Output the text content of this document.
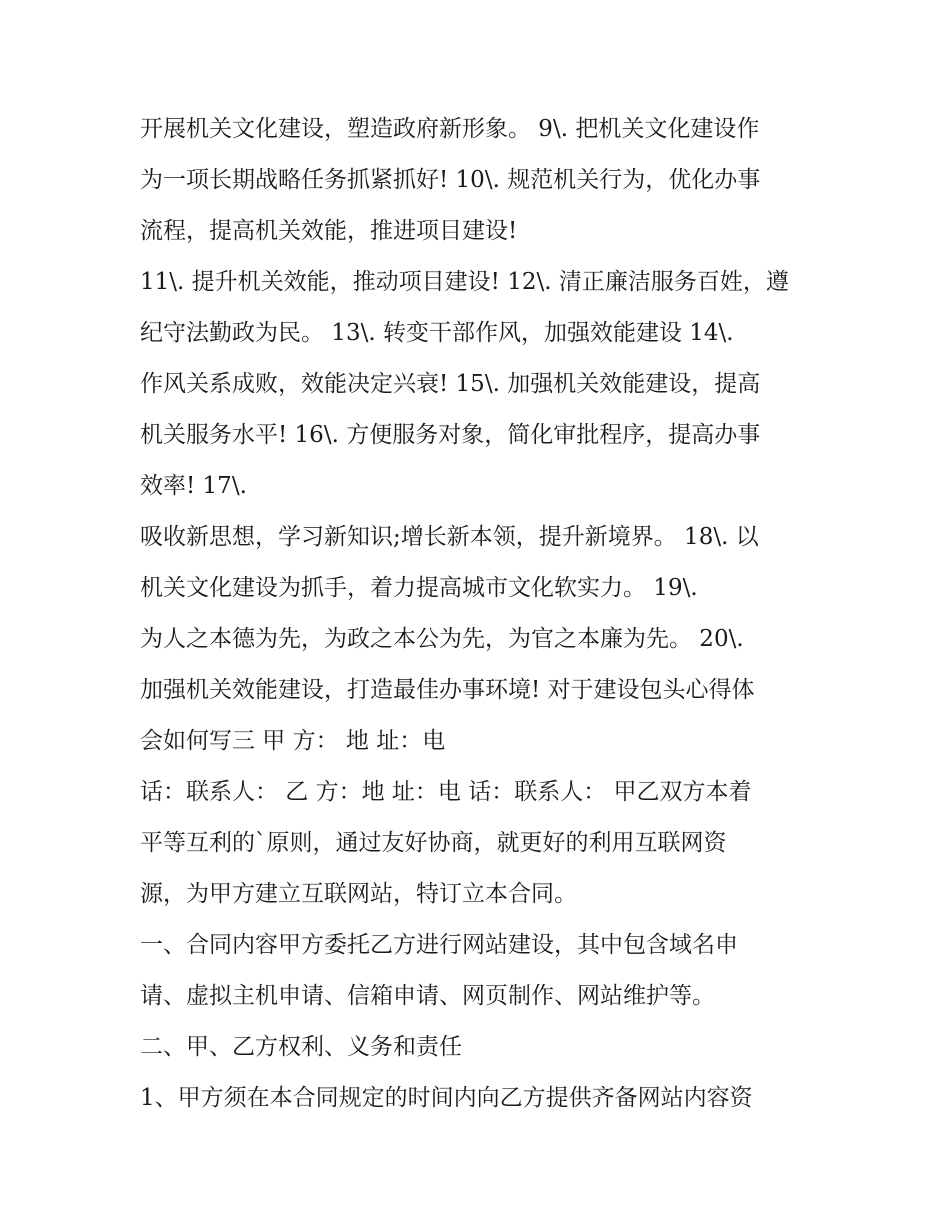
开展机关文化建设，塑造政府新形象。 9\. 把机关文化建设作
为一项长期战略任务抓紧抓好! 10\. 规范机关行为，优化办事
流程，提高机关效能，推进项目建设!
11\. 提升机关效能，推动项目建设! 12\. 清正廉洁服务百姓，遵
纪守法勤政为民。 13\. 转变干部作风，加强效能建设 14\.
作风关系成败，效能决定兴衰! 15\. 加强机关效能建设，提高
机关服务水平! 16\. 方便服务对象，简化审批程序，提高办事
效率! 17\.
吸收新思想，学习新知识;增长新本领，提升新境界。 18\. 以
机关文化建设为抓手，着力提高城市文化软实力。 19\.
为人之本德为先，为政之本公为先，为官之本廉为先。 20\.
加强机关效能建设，打造最佳办事环境! 对于建设包头心得体
会如何写三 甲 方： 地 址：电
话：联系人： 乙 方：地 址：电 话：联系人： 甲乙双方本着
平等互利的`原则，通过友好协商，就更好的利用互联网资
源，为甲方建立互联网站，特订立本合同。
一、合同内容甲方委托乙方进行网站建设，其中包含域名申
请、虚拟主机申请、信箱申请、网页制作、网站维护等。
二、甲、乙方权利、义务和责任
1、甲方须在本合同规定的时间内向乙方提供齐备网站内容资
